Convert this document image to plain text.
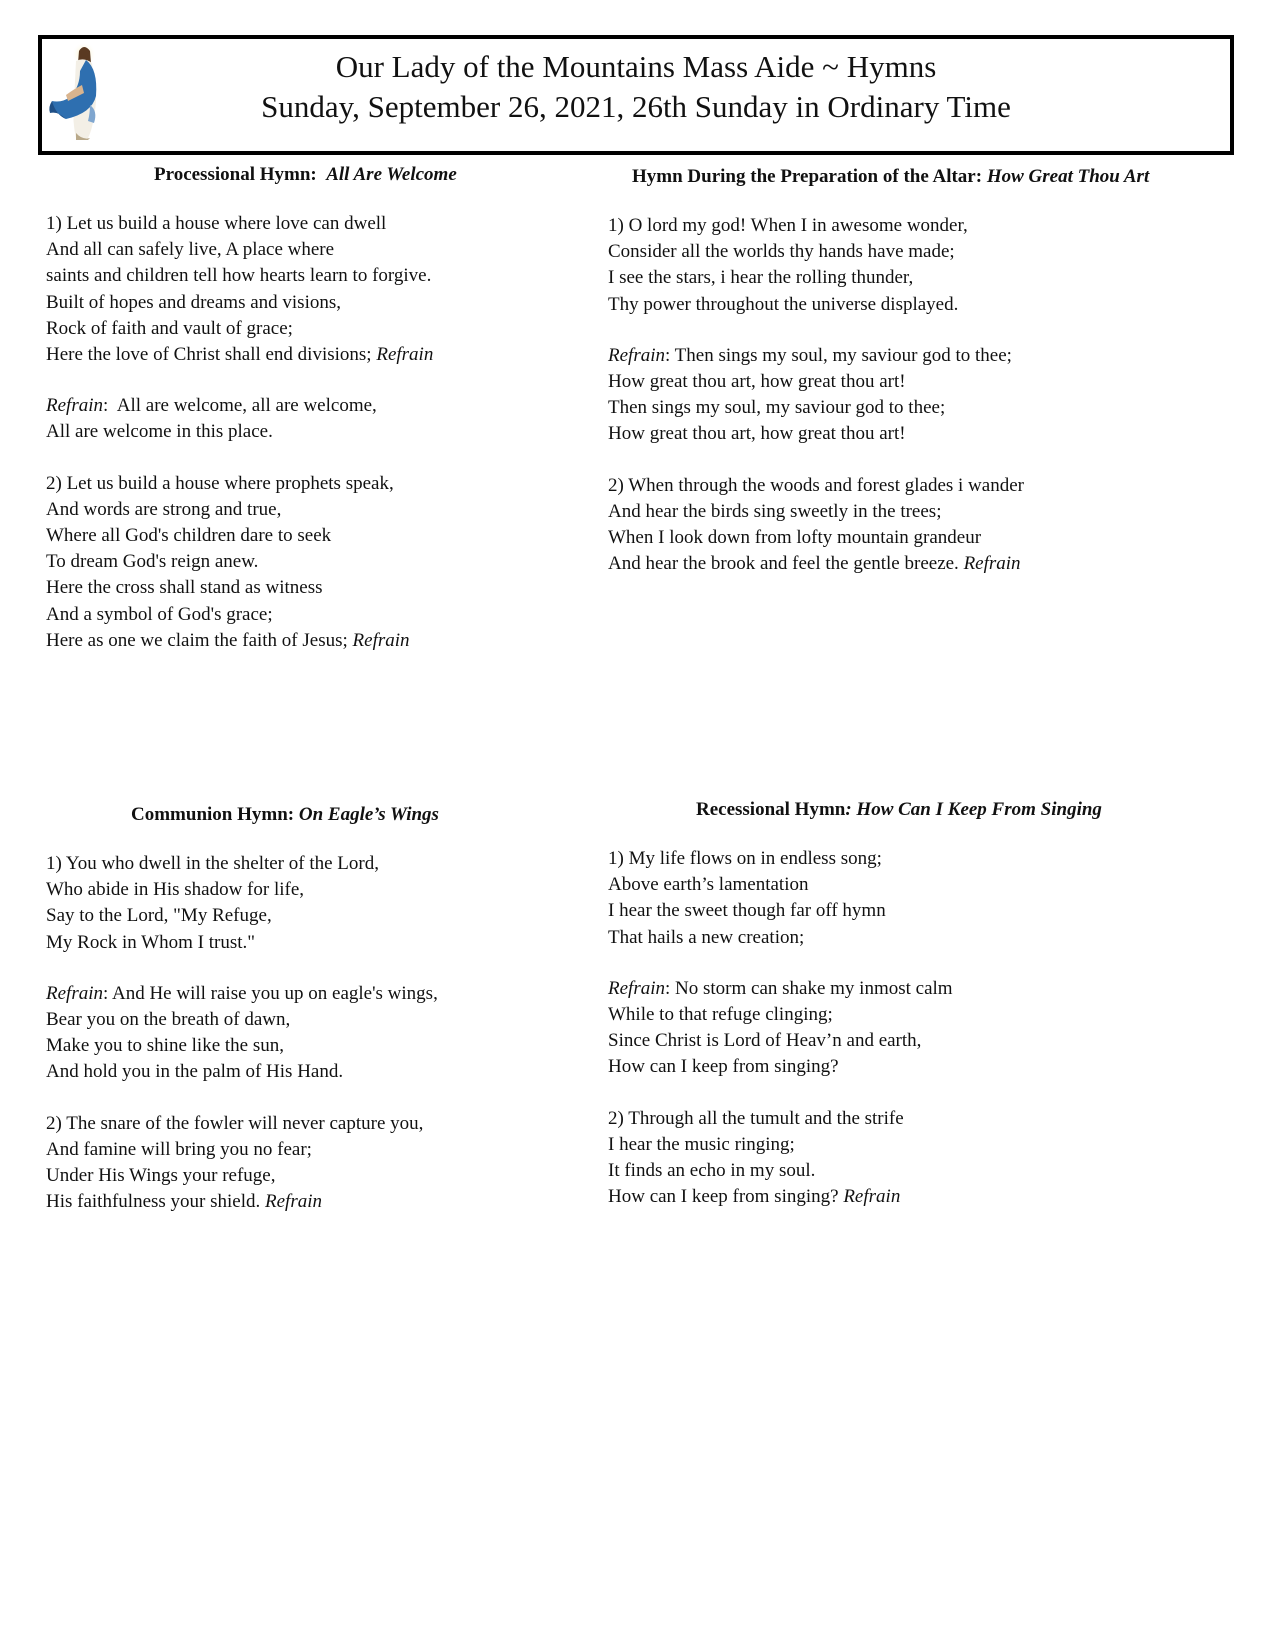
Our Lady of the Mountains Mass Aide ~ Hymns
Sunday, September 26, 2021, 26th Sunday in Ordinary Time
Processional Hymn:  All Are Welcome
1) Let us build a house where love can dwell
And all can safely live, A place where
saints and children tell how hearts learn to forgive.
Built of hopes and dreams and visions,
Rock of faith and vault of grace;
Here the love of Christ shall end divisions; Refrain
Refrain:  All are welcome, all are welcome,
All are welcome in this place.
2) Let us build a house where prophets speak,
And words are strong and true,
Where all God's children dare to seek
To dream God's reign anew.
Here the cross shall stand as witness
And a symbol of God's grace;
Here as one we claim the faith of Jesus; Refrain
Hymn During the Preparation of the Altar: How Great Thou Art
1) O lord my god! When I in awesome wonder,
Consider all the worlds thy hands have made;
I see the stars, i hear the rolling thunder,
Thy power throughout the universe displayed.
Refrain: Then sings my soul, my saviour god to thee;
How great thou art, how great thou art!
Then sings my soul, my saviour god to thee;
How great thou art, how great thou art!
2) When through the woods and forest glades i wander
And hear the birds sing sweetly in the trees;
When I look down from lofty mountain grandeur
And hear the brook and feel the gentle breeze. Refrain
Communion Hymn: On Eagle’s Wings
1) You who dwell in the shelter of the Lord,
Who abide in His shadow for life,
Say to the Lord, "My Refuge,
My Rock in Whom I trust."
Refrain: And He will raise you up on eagle's wings,
Bear you on the breath of dawn,
Make you to shine like the sun,
And hold you in the palm of His Hand.
2) The snare of the fowler will never capture you,
And famine will bring you no fear;
Under His Wings your refuge,
His faithfulness your shield. Refrain
Recessional Hymn: How Can I Keep From Singing
1) My life flows on in endless song;
Above earth’s lamentation
I hear the sweet though far off hymn
That hails a new creation;
Refrain: No storm can shake my inmost calm
While to that refuge clinging;
Since Christ is Lord of Heav’n and earth,
How can I keep from singing?
2) Through all the tumult and the strife
I hear the music ringing;
It finds an echo in my soul.
How can I keep from singing? Refrain
